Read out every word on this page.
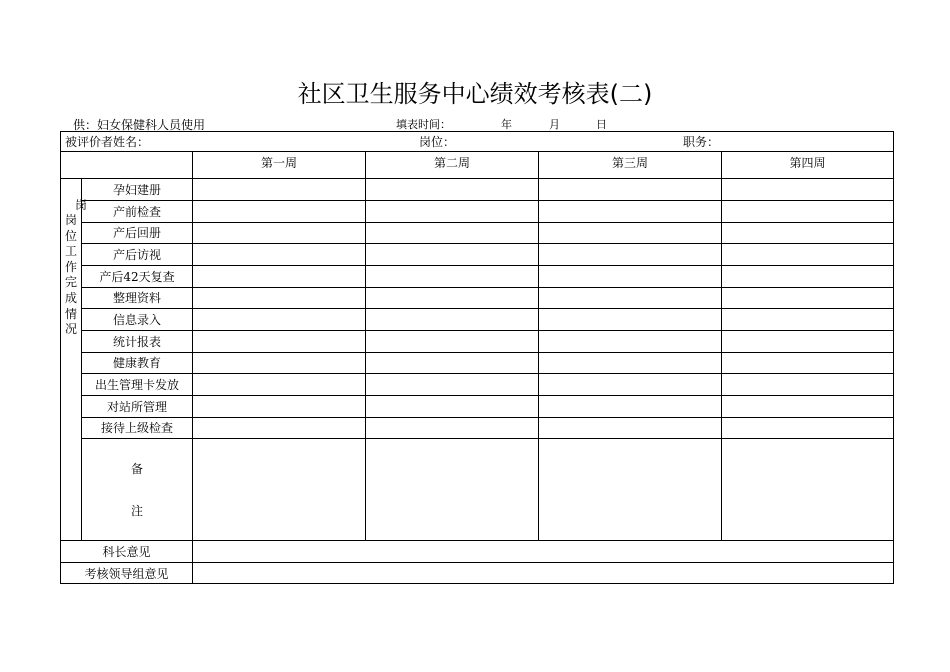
社区卫生服务中心绩效考核表(二)
供：妇女保健科人员使用	填表时间：	年	月	日
被评价者姓名：	岗位：	职务：
第一周	第二周	第三周	第四周
岗
岗
位
工
作
完
成
情
况
孕妇建册
产前检查
产后回册
产后访视
产后42天复查
整理资料
信息录入
统计报表
健康教育
出生管理卡发放
对站所管理
接待上级检查
备
注
科长意见
考核领导组意见
